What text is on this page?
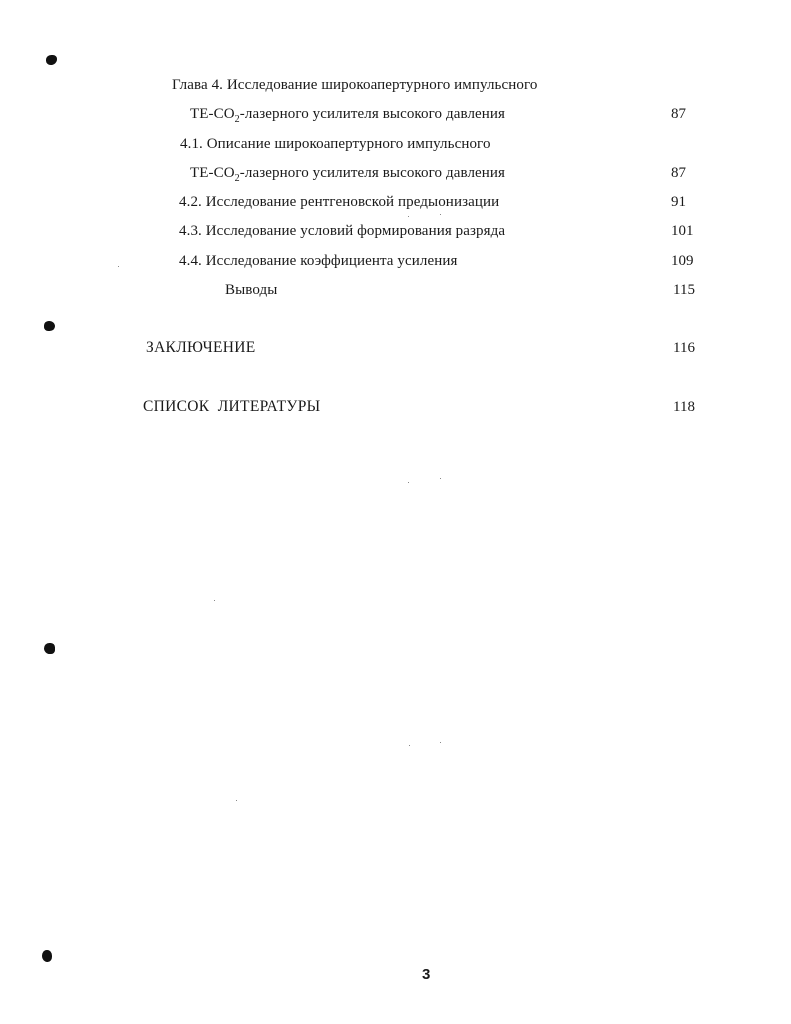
Глава 4. Исследование широкоапертурного импульсного
$ТЕ-СО_2$-лазерного усилителя высокого давления	87
4.1. Описание широкоапертурного импульсного
$ТЕ-СО_2$-лазерного усилителя высокого давления	87
4.2. Исследование рентгеновской предыонизации	91
4.3. Исследование условий формирования разряда	101
4.4. Исследование коэффициента усиления	109
Выводы	115
ЗАКЛЮЧЕНИЕ	116
СПИСОК  ЛИТЕРАТУРЫ	118
3
